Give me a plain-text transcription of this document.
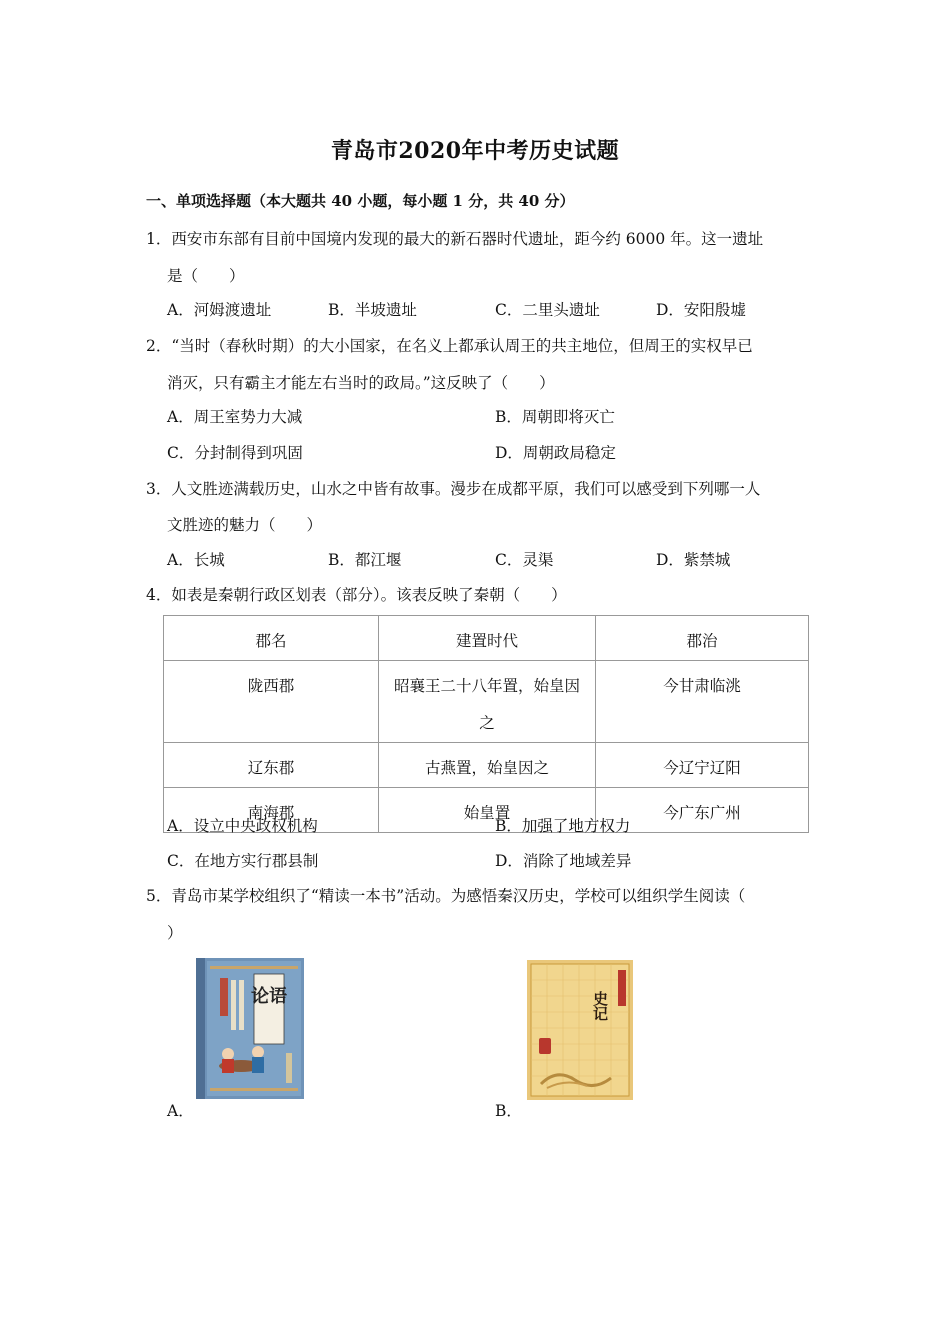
青岛市2020年中考历史试题
一、单项选择题（本大题共 40 小题，每小题 1 分，共 40 分）
1．西安市东部有目前中国境内发现的最大的新石器时代遗址，距今约 6000 年。这一遗址
是（　　）
A．河姆渡遗址	B．半坡遗址	C．二里头遗址	D．安阳殷墟
2．“当时（春秋时期）的大小国家，在名义上都承认周王的共主地位，但周王的实权早已
消灭，只有霸主才能左右当时的政局。”这反映了（　　）
A．周王室势力大减	B．周朝即将灭亡
C．分封制得到巩固	D．周朝政局稳定
3．人文胜迹满载历史，山水之中皆有故事。漫步在成都平原，我们可以感受到下列哪一人
文胜迹的魅力（　　）
A．长城	B．都江堰	C．灵渠	D．紫禁城
4．如表是秦朝行政区划表（部分）。该表反映了秦朝（　　）
郡名	建置时代	郡治
陇西郡	昭襄王二十八年置，始皇因之	今甘肃临洮
辽东郡	古燕置，始皇因之	今辽宁辽阳
南海郡	始皇置	今广东广州
A．设立中央政权机构	B．加强了地方权力
C．在地方实行郡县制	D．消除了地域差异
5．青岛市某学校组织了“精读一本书”活动。为感悟秦汉历史，学校可以组织学生阅读（
）
论语
A．
史记
B．
